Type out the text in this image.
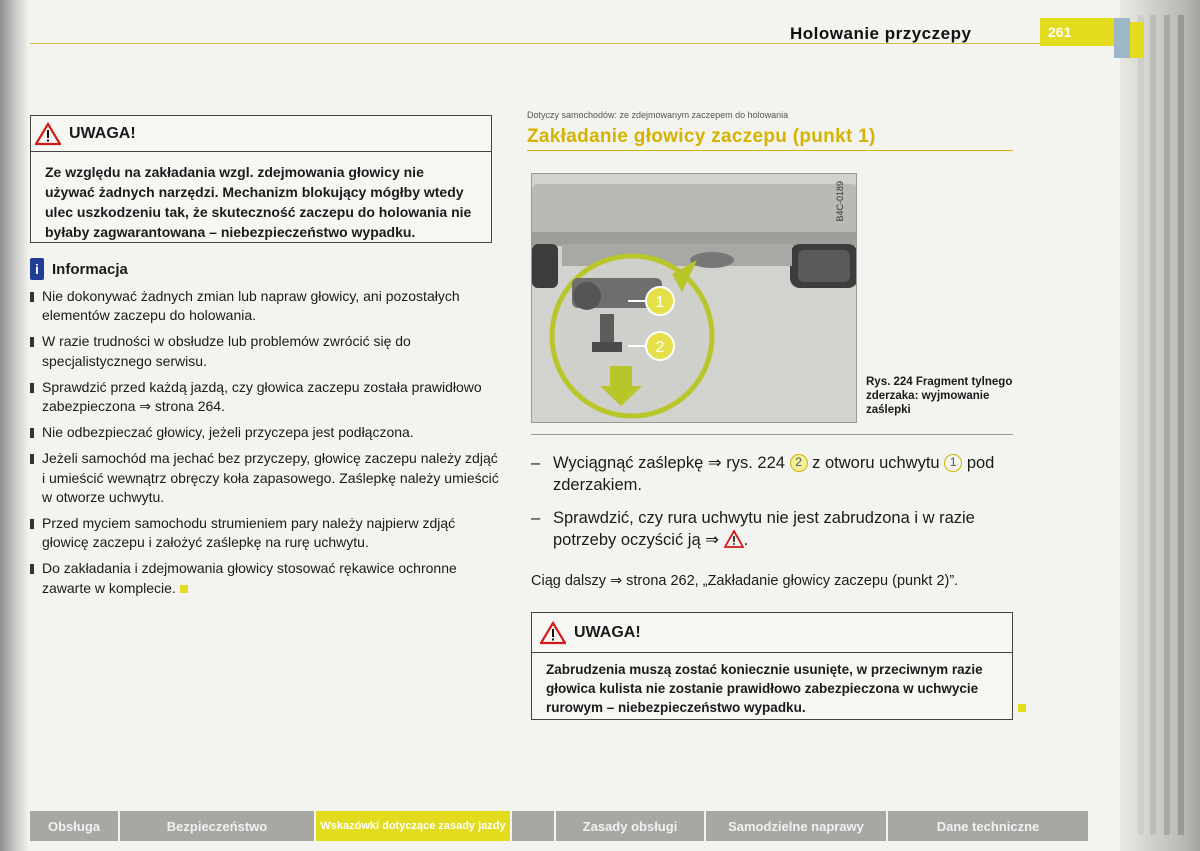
Holowanie przyczepy	261
UWAGA!
Ze względu na zakładania wzgl. zdejmowania głowicy nie używać żadnych narzędzi. Mechanizm blokujący mógłby wtedy ulec uszkodzeniu tak, że skuteczność zaczepu do holowania nie byłaby zagwarantowana – niebezpieczeństwo wypadku.
i Informacja
Nie dokonywać żadnych zmian lub napraw głowicy, ani pozostałych elementów zaczepu do holowania.
W razie trudności w obsłudze lub problemów zwrócić się do specjalistycznego serwisu.
Sprawdzić przed każdą jazdą, czy głowica zaczepu została prawidłowo zabezpieczona ⇒ strona 264.
Nie odbezpieczać głowicy, jeżeli przyczepa jest podłączona.
Jeżeli samochód ma jechać bez przyczepy, głowicę zaczepu należy zdjąć i umieścić wewnątrz obręczy koła zapasowego. Zaślepkę należy umieścić w otworze uchwytu.
Przed myciem samochodu strumieniem pary należy najpierw zdjąć głowicę zaczepu i założyć zaślepkę na rurę uchwytu.
Do zakładania i zdejmowania głowicy stosować rękawice ochronne zawarte w komplecie.
Dotyczy samochodów: ze zdejmowanym zaczepem do holowania
Zakładanie głowicy zaczepu (punkt 1)
1
2
B4C-0189
Rys. 224 Fragment tylnego zderzaka: wyjmowanie zaślepki
– Wyciągnąć zaślepkę ⇒ rys. 224 2 z otworu uchwytu 1 pod zderzakiem.
– Sprawdzić, czy rura uchwytu nie jest zabrudzona i w razie potrzeby oczyścić ją ⇒ .
Ciąg dalszy ⇒ strona 262, „Zakładanie głowicy zaczepu (punkt 2)”.
UWAGA!
Zabrudzenia muszą zostać koniecznie usunięte, w przeciwnym razie głowica kulista nie zostanie prawidłowo zabezpieczona w uchwycie rurowym – niebezpieczeństwo wypadku.
Obsługa	Bezpieczeństwo	Wskazówki dotyczące zasady jazdy	Zasady obsługi	Samodzielne naprawy	Dane techniczne
